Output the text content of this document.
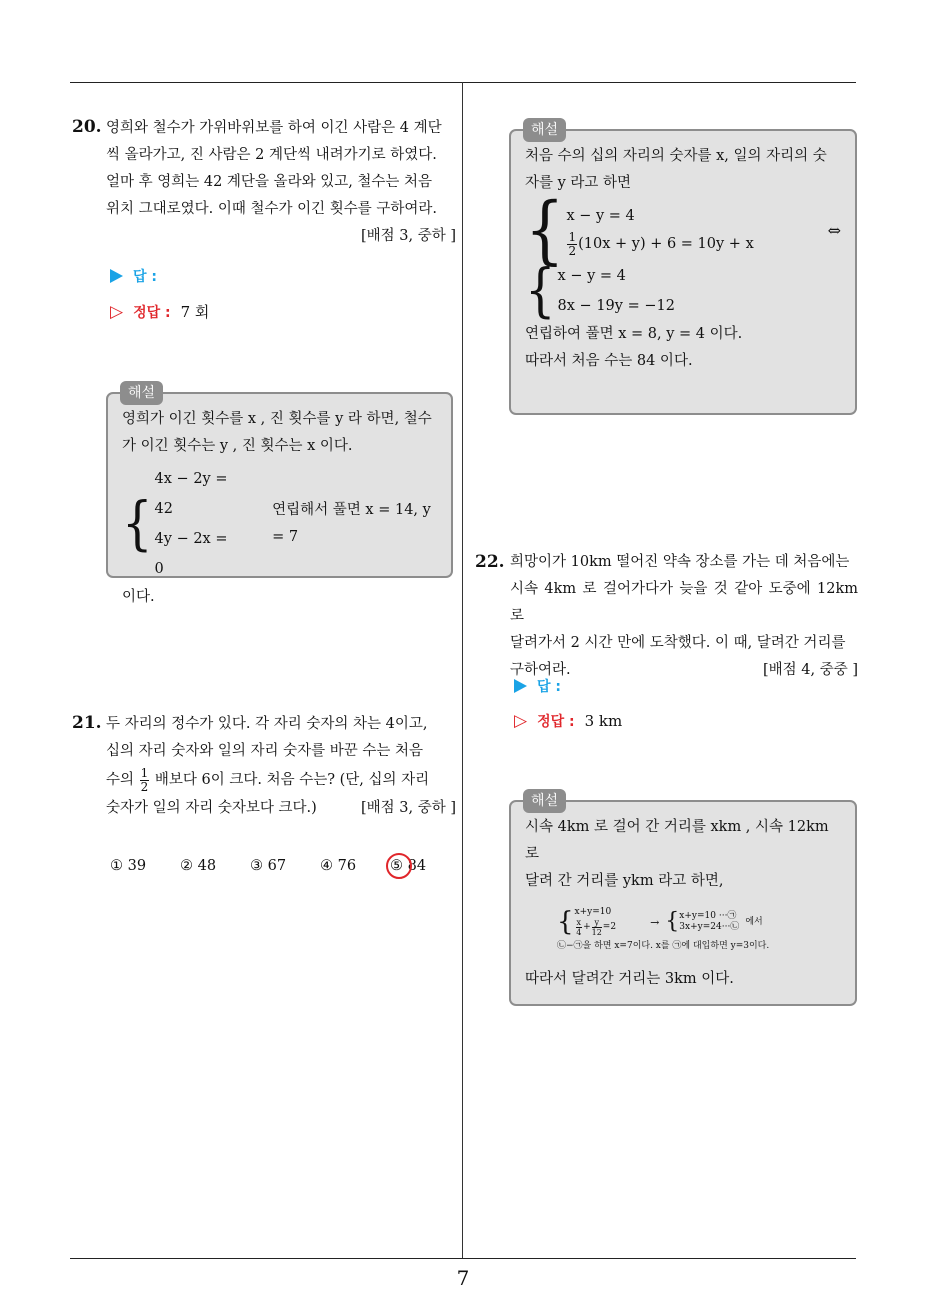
20. 영희와 철수가 가위바위보를 하여 이긴 사람은 4 계단
씩 올라가고, 진 사람은 2 계단씩 내려가기로 하였다.
얼마 후 영희는 42 계단을 올라와 있고, 철수는 처음
위치 그대로였다. 이때 철수가 이긴 횟수를 구하여라.
[배점 3, 중하 ]
답 :
▷ 정답 : 7 회
해설
영희가 이긴 횟수를 x , 진 횟수를 y 라 하면, 철수
가 이긴 횟수는 y , 진 횟수는 x 이다.
{
4x − 2y = 42
4y − 2x = 0
연립해서 풀면 x = 14, y = 7
이다.
21. 두 자리의 정수가 있다. 각 자리 숫자의 차는 4이고,
십의 자리 숫자와 일의 자리 숫자를 바꾼 수는 처음
수의 $\frac{1}{2}$ 배보다 6이 크다. 처음 수는? (단, 십의 자리
숫자가 일의 자리 숫자보다 크다.)	[배점 3, 중하 ]
① 39	② 48	③ 67	④ 76	⑤ 84
해설
처음 수의 십의 자리의 숫자를 x, 일의 자리의 숫
자를 y 라고 하면
{ x − y = 4
$\frac{1}{2} (10x + y) + 6 = 10y + x$
⇔
{ x − y = 4
8x − 19y = −12
연립하여 풀면 x = 8, y = 4 이다.
따라서 처음 수는 84 이다.
22. 희망이가 10km 떨어진 약속 장소를 가는 데 처음에는
시속 4km 로 걸어가다가 늦을 것 같아 도중에 12km 로
달려가서 2 시간 만에 도착했다. 이 때, 달려간 거리를
구하여라.	[배점 4, 중중 ]
답 :
▷ 정답 : 3 km
해설
시속 4km 로 걸어 간 거리를 xkm , 시속 12km 로
달려 간 거리를 ykm 라고 하면,
{ x+y=10
$\frac{x}{4} + \frac{y}{12} =2$	→ { x+y=10 ···㉠
3x+y=24···㉡
에서
㉡−㉠을 하면 x=7이다. x를 ㉠에 대입하면 y=3이다.
따라서 달려간 거리는 3km 이다.
7
